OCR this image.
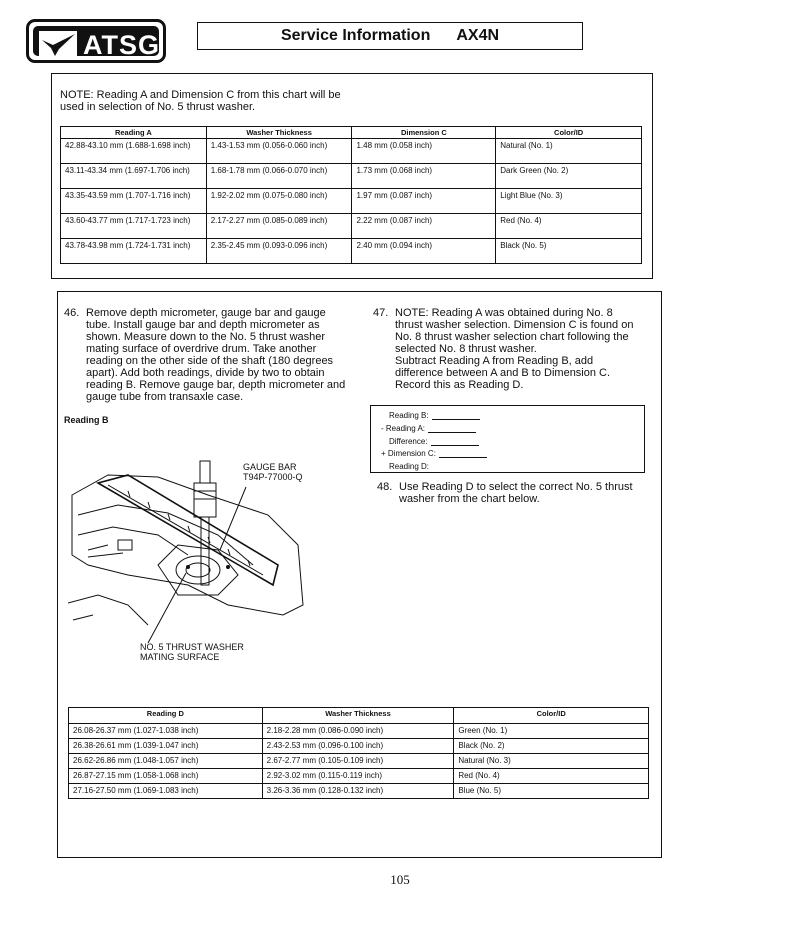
ATSG	Service Information AX4N
NOTE: Reading A and Dimension C from this chart will be used in selection of No. 5 thrust washer.
Reading A	Washer Thickness	Dimension C	Color/ID
42.88-43.10 mm (1.688-1.698 inch)	1.43-1.53 mm (0.056-0.060 inch)	1.48 mm (0.058 inch)	Natural (No. 1)
43.11-43.34 mm (1.697-1.706 inch)	1.68-1.78 mm (0.066-0.070 inch)	1.73 mm (0.068 inch)	Dark Green (No. 2)
43.35-43.59 mm (1.707-1.716 inch)	1.92-2.02 mm (0.075-0.080 inch)	1.97 mm (0.087 inch)	Light Blue (No. 3)
43.60-43.77 mm (1.717-1.723 inch)	2.17-2.27 mm (0.085-0.089 inch)	2.22 mm (0.087 inch)	Red (No. 4)
43.78-43.98 mm (1.724-1.731 inch)	2.35-2.45 mm (0.093-0.096 inch)	2.40 mm (0.094 inch)	Black (No. 5)
46. Remove depth micrometer, gauge bar and gauge tube. Install gauge bar and depth micrometer as shown. Measure down to the No. 5 thrust washer mating surface of overdrive drum. Take another reading on the other side of the shaft (180 degrees apart). Add both readings, divide by two to obtain reading B. Remove gauge bar, depth micrometer and gauge tube from transaxle case.
Reading B
47. NOTE: Reading A was obtained during No. 8 thrust washer selection. Dimension C is found on No. 8 thrust washer selection chart following the selected No. 8 thrust washer.
Subtract Reading A from Reading B, add difference between A and B to Dimension C. Record this as Reading D.
Reading B:
- Reading A:
Difference:
+ Dimension C:
Reading D:
48. Use Reading D to select the correct No. 5 thrust washer from the chart below.
GAUGE BAR
T94P-77000-Q
NO. 5 THRUST WASHER
MATING SURFACE
Reading D	Washer Thickness	Color/ID
26.08-26.37 mm (1.027-1.038 inch)	2.18-2.28 mm (0.086-0.090 inch)	Green (No. 1)
26.38-26.61 mm (1.039-1.047 inch)	2.43-2.53 mm (0.096-0.100 inch)	Black (No. 2)
26.62-26.86 mm (1.048-1.057 inch)	2.67-2.77 mm (0.105-0.109 inch)	Natural (No. 3)
26.87-27.15 mm (1.058-1.068 inch)	2.92-3.02 mm (0.115-0.119 inch)	Red (No. 4)
27.16-27.50 mm (1.069-1.083 inch)	3.26-3.36 mm (0.128-0.132 inch)	Blue (No. 5)
105
